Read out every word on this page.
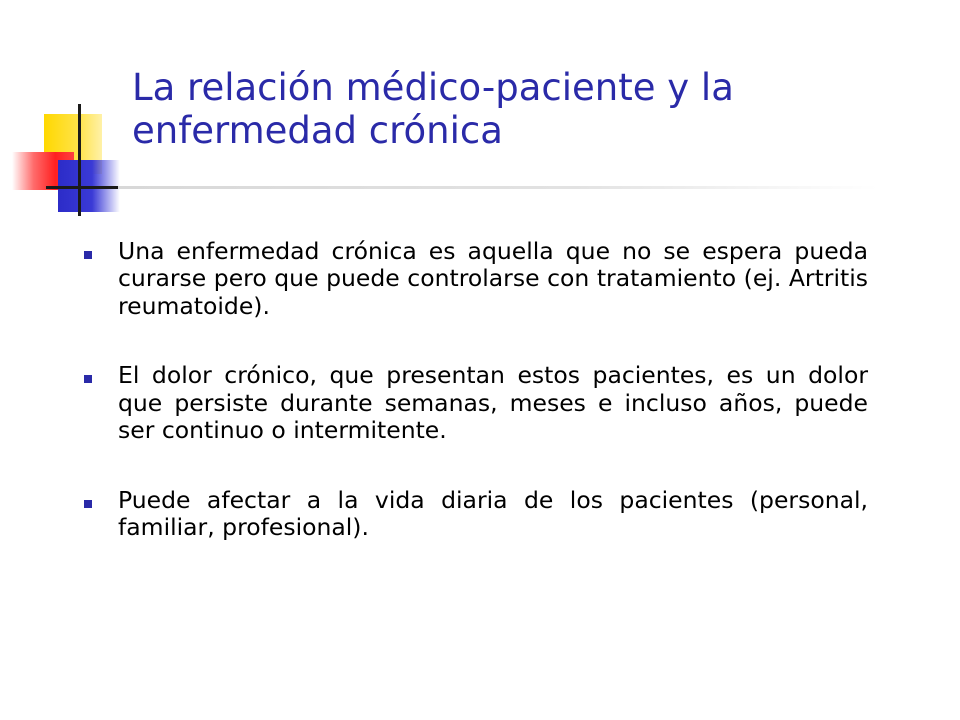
La relación médico-paciente y la enfermedad crónica
Una enfermedad crónica es aquella que no se espera pueda curarse pero que puede controlarse con tratamiento (ej. Artritis reumatoide).
El dolor crónico, que presentan estos pacientes, es un dolor que persiste durante semanas, meses e incluso años, puede ser continuo o intermitente.
Puede afectar a la vida diaria de los pacientes (personal, familiar, profesional).
